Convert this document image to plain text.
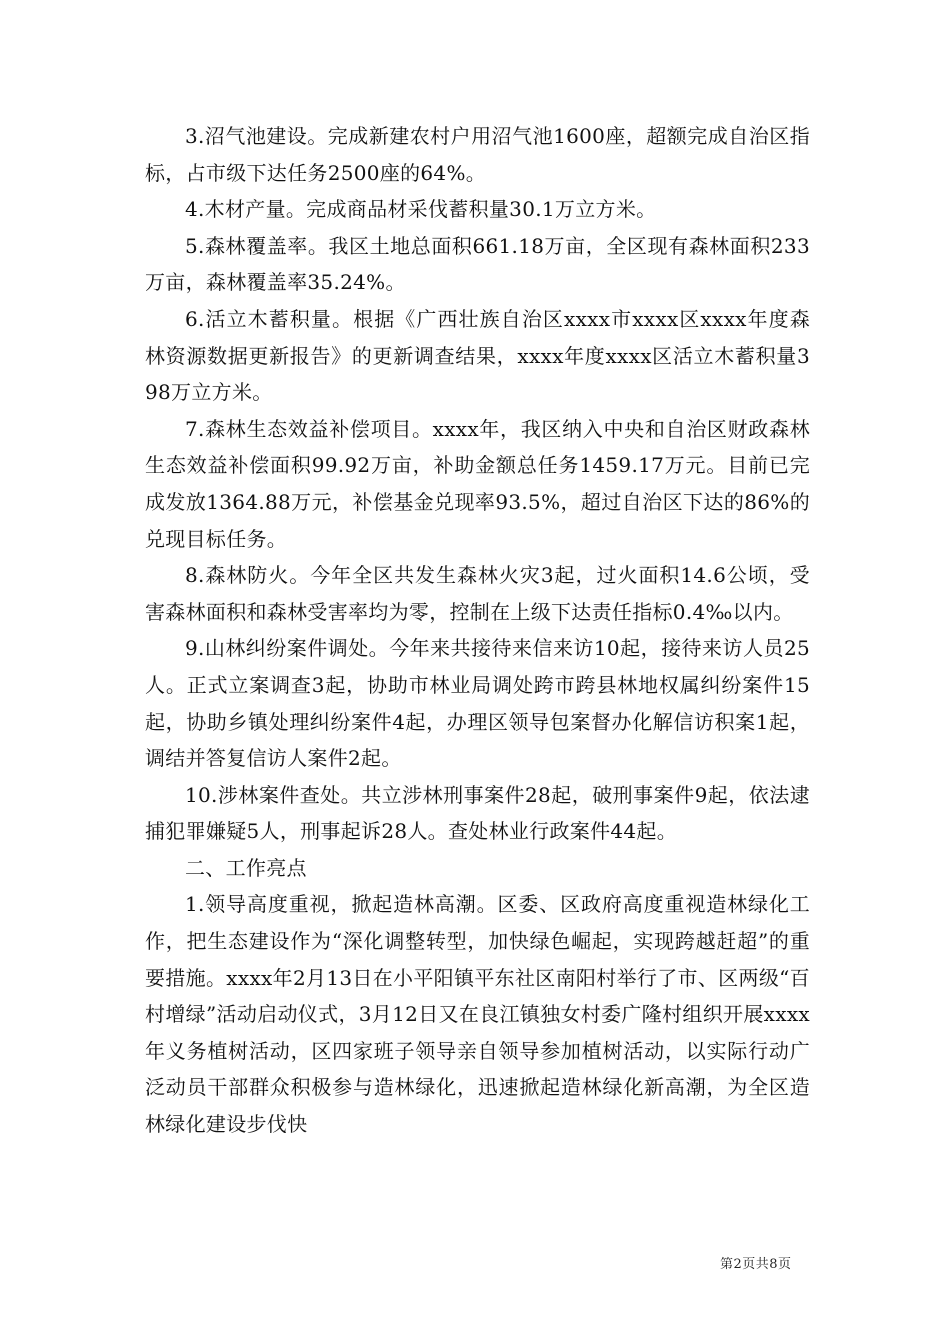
3.沼气池建设。完成新建农村户用沼气池1600座，超额完成自治区指标，占市级下达任务2500座的64%。

4.木材产量。完成商品材采伐蓄积量30.1万立方米。

5.森林覆盖率。我区土地总面积661.18万亩，全区现有森林面积233万亩，森林覆盖率35.24%。

6.活立木蓄积量。根据《广西壮族自治区xxxx市xxxx区xxxx年度森林资源数据更新报告》的更新调查结果，xxxx年度xxxx区活立木蓄积量398万立方米。

7.森林生态效益补偿项目。xxxx年，我区纳入中央和自治区财政森林生态效益补偿面积99.92万亩，补助金额总任务1459.17万元。目前已完成发放1364.88万元，补偿基金兑现率93.5%，超过自治区下达的86%的兑现目标任务。

8.森林防火。今年全区共发生森林火灾3起，过火面积14.6公顷，受害森林面积和森林受害率均为零，控制在上级下达责任指标0.4‰以内。

9.山林纠纷案件调处。今年来共接待来信来访10起，接待来访人员25人。正式立案调查3起，协助市林业局调处跨市跨县林地权属纠纷案件15起，协助乡镇处理纠纷案件4起，办理区领导包案督办化解信访积案1起，调结并答复信访人案件2起。

10.涉林案件查处。共立涉林刑事案件28起，破刑事案件9起，依法逮捕犯罪嫌疑5人，刑事起诉28人。查处林业行政案件44起。

二、工作亮点

1.领导高度重视，掀起造林高潮。区委、区政府高度重视造林绿化工作，把生态建设作为“深化调整转型，加快绿色崛起，实现跨越赶超”的重要措施。xxxx年2月13日在小平阳镇平东社区南阳村举行了市、区两级“百村增绿”活动启动仪式，3月12日又在良江镇独女村委广隆村组织开展xxxx年义务植树活动，区四家班子领导亲自领导参加植树活动，以实际行动广泛动员干部群众积极参与造林绿化，迅速掀起造林绿化新高潮，为全区造林绿化建设步伐快

第2页共8页
